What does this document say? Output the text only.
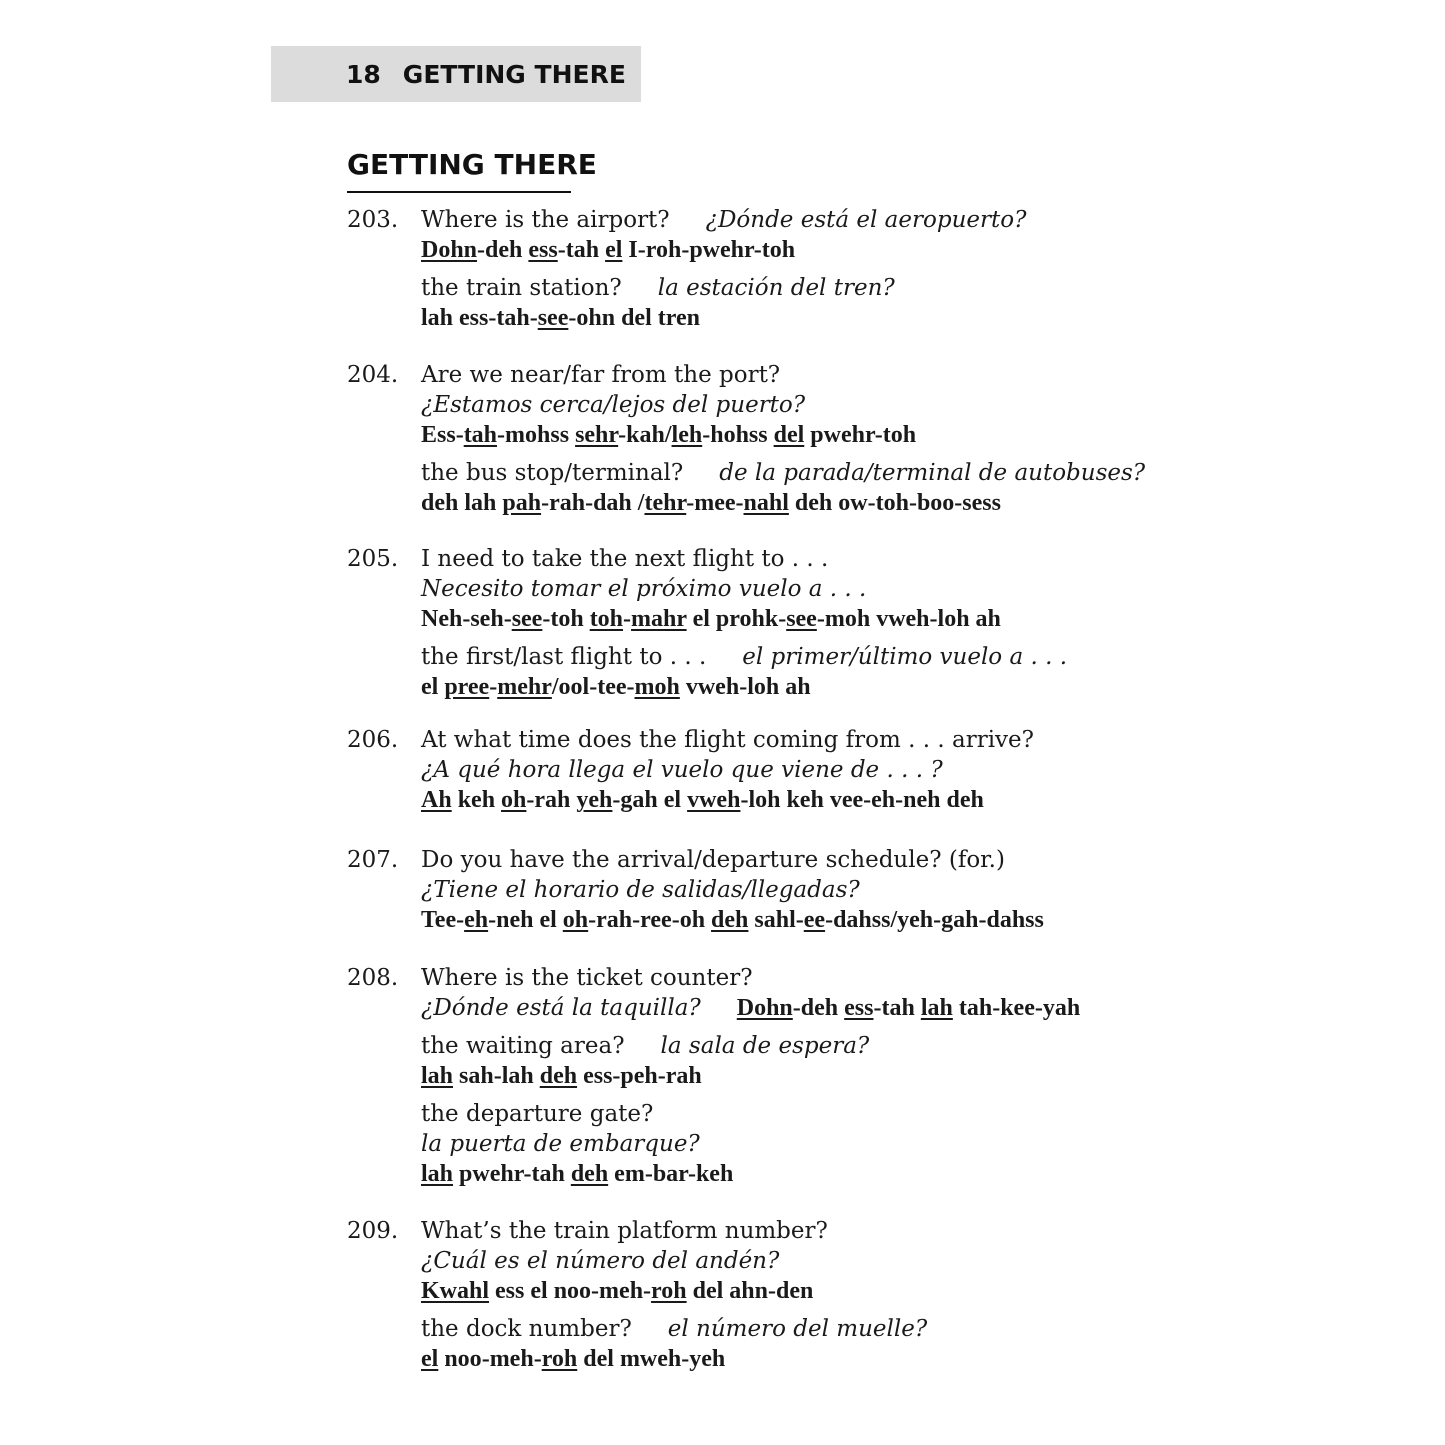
18 GETTING THERE
GETTING THERE
203. Where is the airport? ¿Dónde está el aeropuerto?
Dohn-deh ess-tah el I-roh-pwehr-toh
the train station? la estación del tren?
lah ess-tah-see-ohn del tren
204. Are we near/far from the port?
¿Estamos cerca/lejos del puerto?
Ess-tah-mohss sehr-kah/leh-hohss del pwehr-toh
the bus stop/terminal? de la parada/terminal de autobuses?
deh lah pah-rah-dah /tehr-mee-nahl deh ow-toh-boo-sess
205. I need to take the next flight to . . .
Necesito tomar el próximo vuelo a . . .
Neh-seh-see-toh toh-mahr el prohk-see-moh vweh-loh ah
the first/last flight to . . . el primer/último vuelo a . . .
el pree-mehr/ool-tee-moh vweh-loh ah
206. At what time does the flight coming from . . . arrive?
¿A qué hora llega el vuelo que viene de . . . ?
Ah keh oh-rah yeh-gah el vweh-loh keh vee-eh-neh deh
207. Do you have the arrival/departure schedule? (for.)
¿Tiene el horario de salidas/llegadas?
Tee-eh-neh el oh-rah-ree-oh deh sahl-ee-dahss/yeh-gah-dahss
208. Where is the ticket counter?
¿Dónde está la taquilla? Dohn-deh ess-tah lah tah-kee-yah
the waiting area? la sala de espera?
lah sah-lah deh ess-peh-rah
the departure gate?
la puerta de embarque?
lah pwehr-tah deh em-bar-keh
209. What’s the train platform number?
¿Cuál es el número del andén?
Kwahl ess el noo-meh-roh del ahn-den
the dock number? el número del muelle?
el noo-meh-roh del mweh-yeh
